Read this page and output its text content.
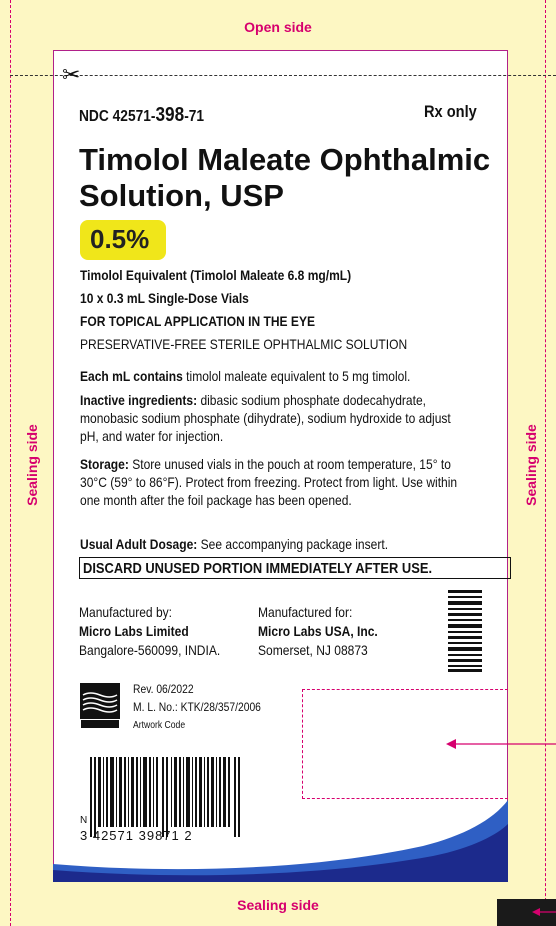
Open side
Sealing side	Sealing side
Sealing side
✂
NDC 42571-398-71	Rx only
Timolol Maleate Ophthalmic Solution, USP
0.5%
Timolol Equivalent (Timolol Maleate 6.8 mg/mL)
10 x 0.3 mL Single-Dose Vials
FOR TOPICAL APPLICATION IN THE EYE
PRESERVATIVE-FREE STERILE OPHTHALMIC SOLUTION
Each mL contains timolol maleate equivalent to 5 mg timolol.
Inactive ingredients: dibasic sodium phosphate dodecahydrate, monobasic sodium phosphate (dihydrate), sodium hydroxide to adjust pH, and water for injection.
Storage: Store unused vials in the pouch at room temperature, 15° to 30°C (59° to 86°F). Protect from freezing. Protect from light. Use within one month after the foil package has been opened.
Usual Adult Dosage: See accompanying package insert.
DISCARD UNUSED PORTION IMMEDIATELY AFTER USE.
Manufactured by:
Micro Labs Limited
Bangalore-560099, INDIA.
Manufactured for:
Micro Labs USA, Inc.
Somerset, NJ 08873
Rev. 06/2022
M. L. No.: KTK/28/357/2006
Artwork Code
N
3 42571 39871 2
